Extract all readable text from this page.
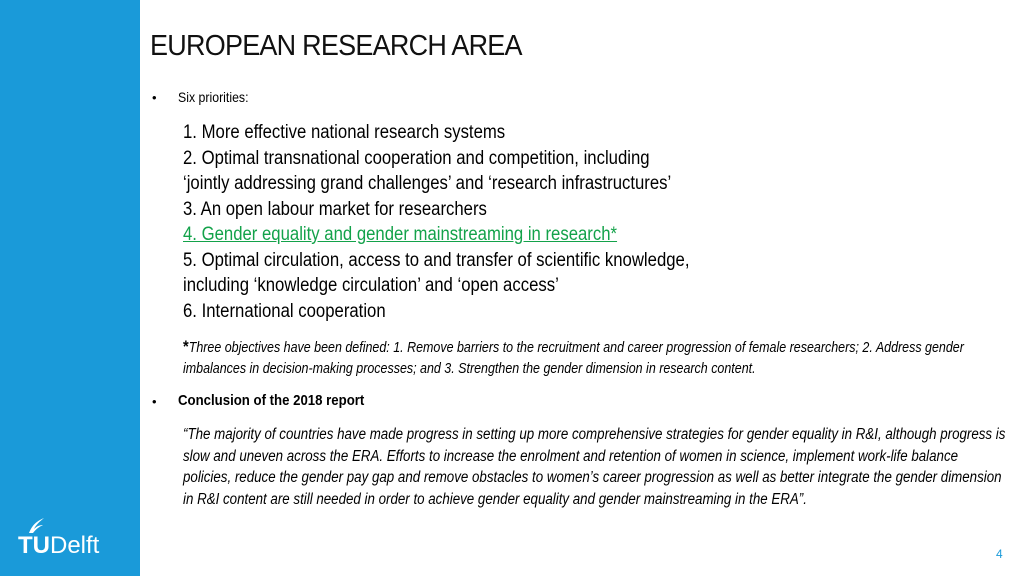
TUDelft
EUROPEAN RESEARCH AREA
• Six priorities:
1. More effective national research systems
2. Optimal transnational cooperation and competition, including
‘jointly addressing grand challenges’ and ‘research infrastructures’
3. An open labour market for researchers
4. Gender equality and gender mainstreaming in research*
5. Optimal circulation, access to and transfer of scientific knowledge,
including ‘knowledge circulation’ and ‘open access’
6. International cooperation
*Three objectives have been defined: 1. Remove barriers to the recruitment and career progression of female researchers; 2. Address gender imbalances in decision-making processes; and 3. Strengthen the gender dimension in research content.
• Conclusion of the 2018 report
“The majority of countries have made progress in setting up more comprehensive strategies for gender equality in R&I, although progress is slow and uneven across the ERA. Efforts to increase the enrolment and retention of women in science, implement work-life balance policies, reduce the gender pay gap and remove obstacles to women’s career progression as well as better integrate the gender dimension in R&I content are still needed in order to achieve gender equality and gender mainstreaming in the ERA”.
4
